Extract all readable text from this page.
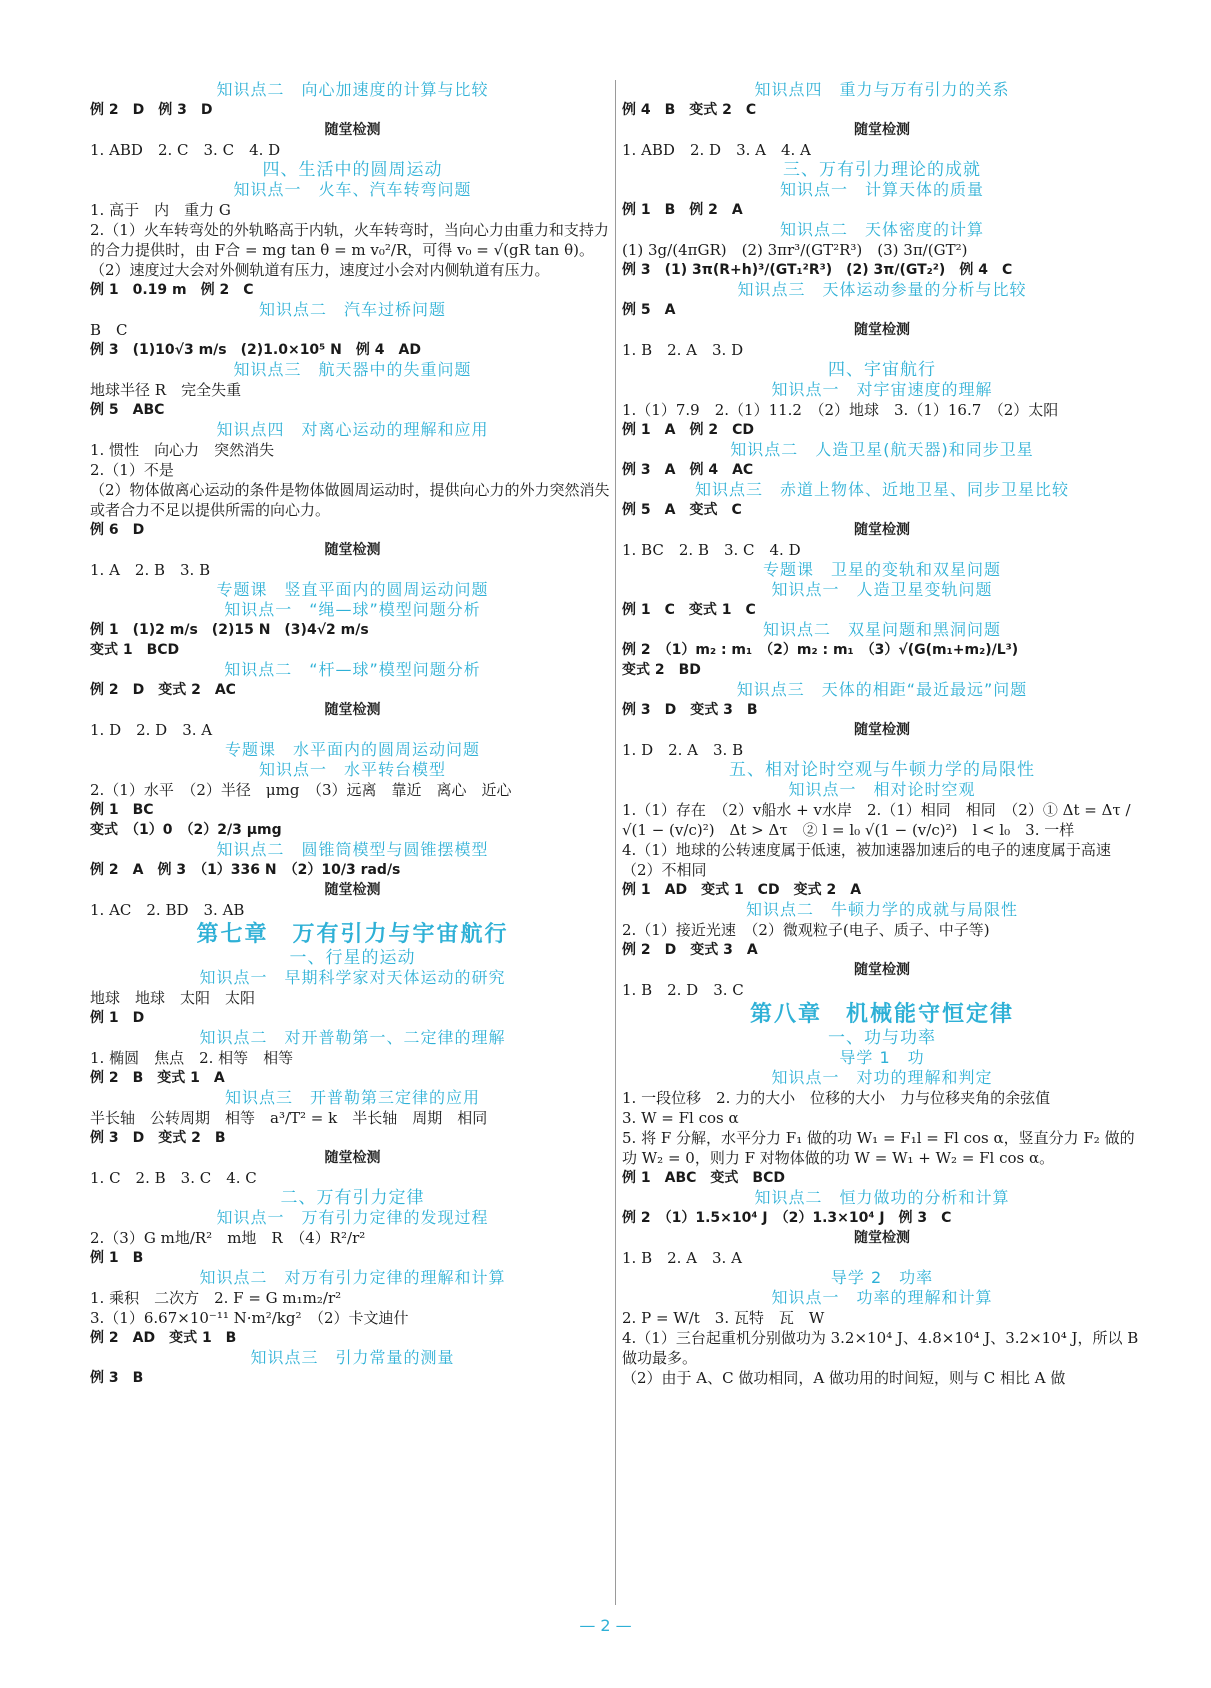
知识点二　向心加速度的计算与比较
例 2　D　例 3　D
随堂检测
1. ABD　2. C　3. C　4. D
四、生活中的圆周运动
知识点一　火车、汽车转弯问题
1. 高于　内　重力 G
2.（1）火车转弯处的外轨略高于内轨，火车转弯时，当向心力由重力和支持力的合力提供时，由 F合 = mg tan θ = m v₀²/R，可得 v₀ = √(gR tan θ)。（2）速度过大会对外侧轨道有压力，速度过小会对内侧轨道有压力。
例 1　0.19 m　例 2　C
知识点二　汽车过桥问题
B　C
例 3　(1)10√3 m/s　(2)1.0×10⁵ N　例 4　AD
知识点三　航天器中的失重问题
地球半径 R　完全失重
例 5　ABC
知识点四　对离心运动的理解和应用
1. 惯性　向心力　突然消失
2.（1）不是
（2）物体做离心运动的条件是物体做圆周运动时，提供向心力的外力突然消失或者合力不足以提供所需的向心力。
例 6　D
随堂检测
1. A　2. B　3. B
专题课　竖直平面内的圆周运动问题
知识点一　“绳—球”模型问题分析
例 1　(1)2 m/s　(2)15 N　(3)4√2 m/s
变式 1　BCD
知识点二　“杆—球”模型问题分析
例 2　D　变式 2　AC
随堂检测
1. D　2. D　3. A
专题课　水平面内的圆周运动问题
知识点一　水平转台模型
2.（1）水平　（2）半径　μmg　（3）远离　靠近　离心　近心
例 1　BC
变式　（1）0　（2）2/3 μmg
知识点二　圆锥筒模型与圆锥摆模型
例 2　A　例 3　（1）336 N　（2）10/3 rad/s
随堂检测
1. AC　2. BD　3. AB
第七章　万有引力与宇宙航行
一、行星的运动
知识点一　早期科学家对天体运动的研究
地球　地球　太阳　太阳
例 1　D
知识点二　对开普勒第一、二定律的理解
1. 椭圆　焦点　2. 相等　相等
例 2　B　变式 1　A
知识点三　开普勒第三定律的应用
半长轴　公转周期　相等　a³/T² = k　半长轴　周期　相同
例 3　D　变式 2　B
随堂检测
1. C　2. B　3. C　4. C
二、万有引力定律
知识点一　万有引力定律的发现过程
2.（3）G m地/R²　m地　R　（4）R²/r²
例 1　B
知识点二　对万有引力定律的理解和计算
1. 乘积　二次方　2. F = G m₁m₂/r²
3.（1）6.67×10⁻¹¹ N·m²/kg²　（2）卡文迪什
例 2　AD　变式 1　B
知识点三　引力常量的测量
例 3　B
知识点四　重力与万有引力的关系
例 4　B　变式 2　C
随堂检测
1. ABD　2. D　3. A　4. A
三、万有引力理论的成就
知识点一　计算天体的质量
例 1　B　例 2　A
知识点二　天体密度的计算
(1) 3g/(4πGR)　(2) 3πr³/(GT²R³)　(3) 3π/(GT²)
例 3　(1) 3π(R+h)³/(GT₁²R³)　(2) 3π/(GT₂²)　例 4　C
知识点三　天体运动参量的分析与比较
例 5　A
随堂检测
1. B　2. A　3. D
四、宇宙航行
知识点一　对宇宙速度的理解
1.（1）7.9　2.（1）11.2　（2）地球　3.（1）16.7　（2）太阳
例 1　A　例 2　CD
知识点二　人造卫星(航天器)和同步卫星
例 3　A　例 4　AC
知识点三　赤道上物体、近地卫星、同步卫星比较
例 5　A　变式　C
随堂检测
1. BC　2. B　3. C　4. D
专题课　卫星的变轨和双星问题
知识点一　人造卫星变轨问题
例 1　C　变式 1　C
知识点二　双星问题和黑洞问题
例 2　（1）m₂ : m₁　（2）m₂ : m₁　（3）√(G(m₁+m₂)/L³)
变式 2　BD
知识点三　天体的相距“最近最远”问题
例 3　D　变式 3　B
随堂检测
1. D　2. A　3. B
五、相对论时空观与牛顿力学的局限性
知识点一　相对论时空观
1.（1）存在　（2）v船水 + v水岸　2.（1）相同　相同　（2）① Δt = Δτ / √(1 − (v/c)²)　Δt > Δτ　② l = l₀ √(1 − (v/c)²)　l < l₀　3. 一样
4.（1）地球的公转速度属于低速，被加速器加速后的电子的速度属于高速　（2）不相同
例 1　AD　变式 1　CD　变式 2　A
知识点二　牛顿力学的成就与局限性
2.（1）接近光速　（2）微观粒子(电子、质子、中子等)
例 2　D　变式 3　A
随堂检测
1. B　2. D　3. C
第八章　机械能守恒定律
一、功与功率
导学 1　功
知识点一　对功的理解和判定
1. 一段位移　2. 力的大小　位移的大小　力与位移夹角的余弦值
3. W = Fl cos α
5. 将 F 分解，水平分力 F₁ 做的功 W₁ = F₁l = Fl cos α，竖直分力 F₂ 做的功 W₂ = 0，则力 F 对物体做的功 W = W₁ + W₂ = Fl cos α。
例 1　ABC　变式　BCD
知识点二　恒力做功的分析和计算
例 2　（1）1.5×10⁴ J　（2）1.3×10⁴ J　例 3　C
随堂检测
1. B　2. A　3. A
导学 2　功率
知识点一　功率的理解和计算
2. P = W/t　3. 瓦特　瓦　W
4.（1）三台起重机分别做功为 3.2×10⁴ J、4.8×10⁴ J、3.2×10⁴ J，所以 B 做功最多。
（2）由于 A、C 做功相同，A 做功用的时间短，则与 C 相比 A 做
— 2 —
